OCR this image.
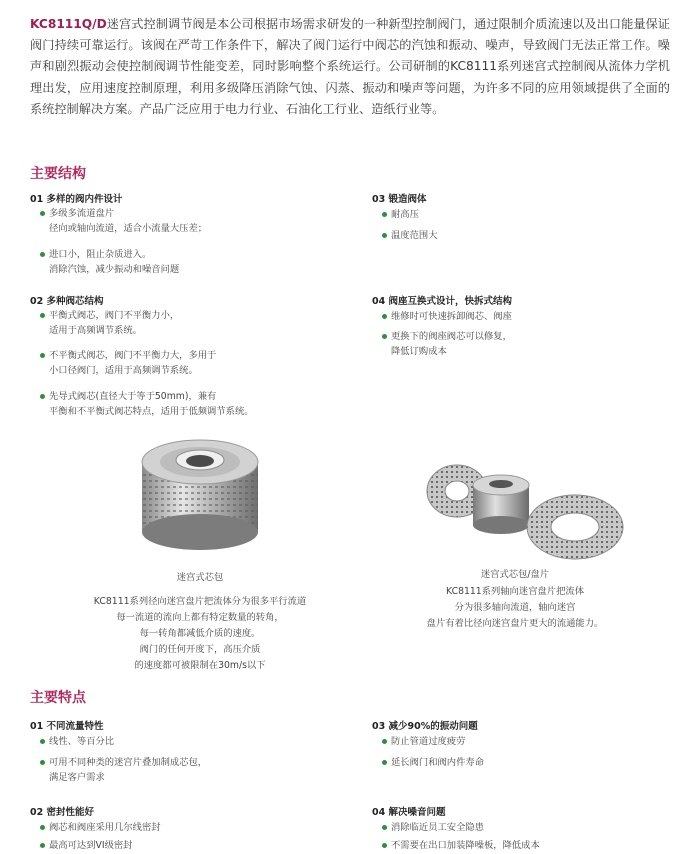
KC8111Q/D迷宫式控制调节阀是本公司根据市场需求研发的一种新型控制阀门，通过限制介质流速以及出口能量保证阀门持续可靠运行。该阀在严苛工作条件下，解决了阀门运行中阀芯的汽蚀和振动、噪声，导致阀门无法正常工作。噪声和剧烈振动会使控制阀调节性能变差，同时影响整个系统运行。公司研制的KC8111系列迷宫式控制阀从流体力学机理出发，应用速度控制原理，利用多级降压消除气蚀、闪蒸、振动和噪声等问题，为许多不同的应用领域提供了全面的系统控制解决方案。产品广泛应用于电力行业、石油化工行业、造纸行业等。
主要结构
01 多样的阀内件设计
多级多流道盘片
径向或轴向流道，适合小流量大压差；
进口小，阻止杂质进入。
消除汽蚀，减少振动和噪音问题
02 多种阀芯结构
平衡式阀芯，阀门不平衡力小，
适用于高频调节系统。
不平衡式阀芯，阀门不平衡力大，多用于
小口径阀门，适用于高频调节系统。
先导式阀芯(直径大于等于50mm)，兼有
平衡和不平衡式阀芯特点，适用于低频调节系统。
03 锻造阀体
耐高压
温度范围大
04 阀座互换式设计，快拆式结构
维修时可快速拆卸阀芯、阀座
更换下的阀座阀芯可以修复，
降低订购成本
迷宫式芯包
KC8111系列径向迷宫盘片把流体分为很多平行流道
每一流道的流向上都有特定数量的转角，
每一转角都减低介质的速度。
阀门的任何开度下，高压介质
的速度都可被限制在30m/s以下
迷宫式芯包/盘片
KC8111系列轴向迷宫盘片把流体
分为很多轴向流道，轴向迷宫
盘片有着比径向迷宫盘片更大的流通能力。
主要特点
01 不同流量特性
线性、等百分比
可用不同种类的迷宫片叠加制成芯包，
满足客户需求
02 密封性能好
阀芯和阀座采用几尔线密封
最高可达到VI级密封
03 减少90%的振动问题
防止管道过度疲劳
延长阀门和阀内件寿命
04 解决噪音问题
消除临近员工安全隐患
不需要在出口加装降噪板，降低成本
